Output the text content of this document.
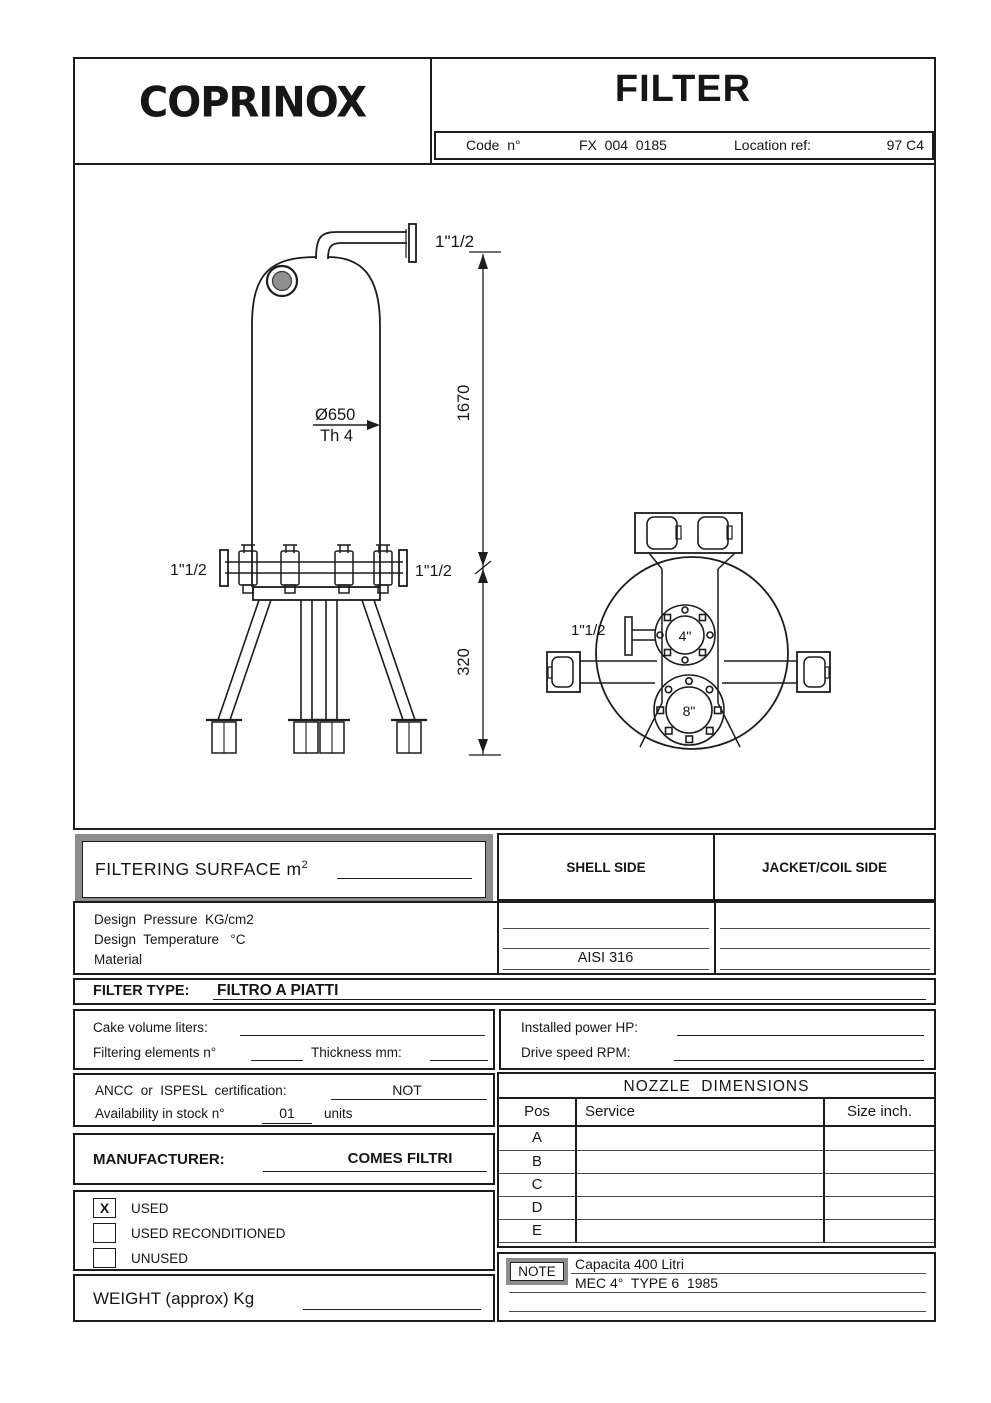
COPRINOX	FILTER
Code  n°	FX  004  0185	Location ref:	97 C4
1"1/2
Ø650
Th 4
1670
320
1"1/2	1"1/2
1"1/2	4"
8"
FILTERING SURFACE $m^2$	SHELL SIDE	JACKET/COIL SIDE
Design  Pressure  KG/cm2
Design  Temperature   °C
Material	AISI 316
FILTER TYPE: FILTRO A PIATTI
Cake volume liters:
Filtering elements n°	Thickness mm:
Installed power HP:
Drive speed RPM:
ANCC  or  ISPESL  certification:	NOT
Availability in stock n°	01	units
MANUFACTURER:	COMES FILTRI
X	USED
USED RECONDITIONED
UNUSED
WEIGHT (approx) Kg
NOZZLE  DIMENSIONS
Pos	Service	Size inch.
A
B
C
D
E
NOTE Capacita 400 Litri
MEC 4°  TYPE 6  1985
